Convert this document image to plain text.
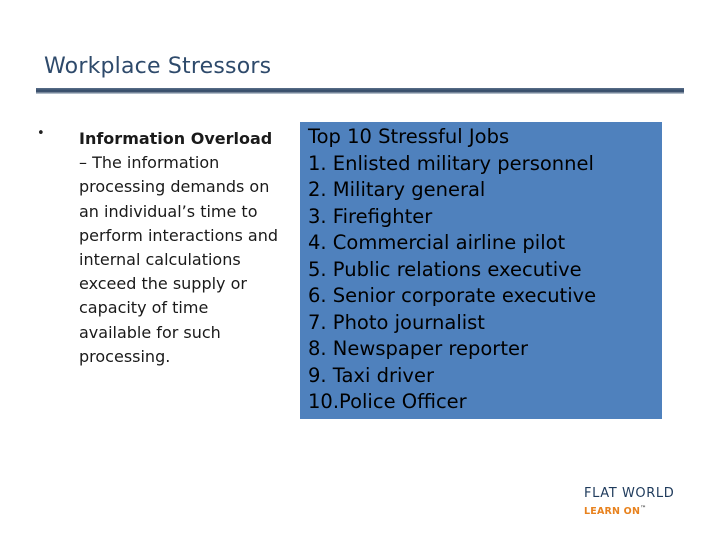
Workplace Stressors
• Information Overload – The information processing demands on an individual’s time to perform interactions and internal calculations exceed the supply or capacity of time available for such processing.
Top 10 Stressful Jobs
1. Enlisted military personnel
2. Military general
3. Firefighter
4. Commercial airline pilot
5. Public relations executive
6. Senior corporate executive
7. Photo journalist
8. Newspaper reporter
9. Taxi driver
10.Police Officer
FLAT WORLD
LEARN ON™
